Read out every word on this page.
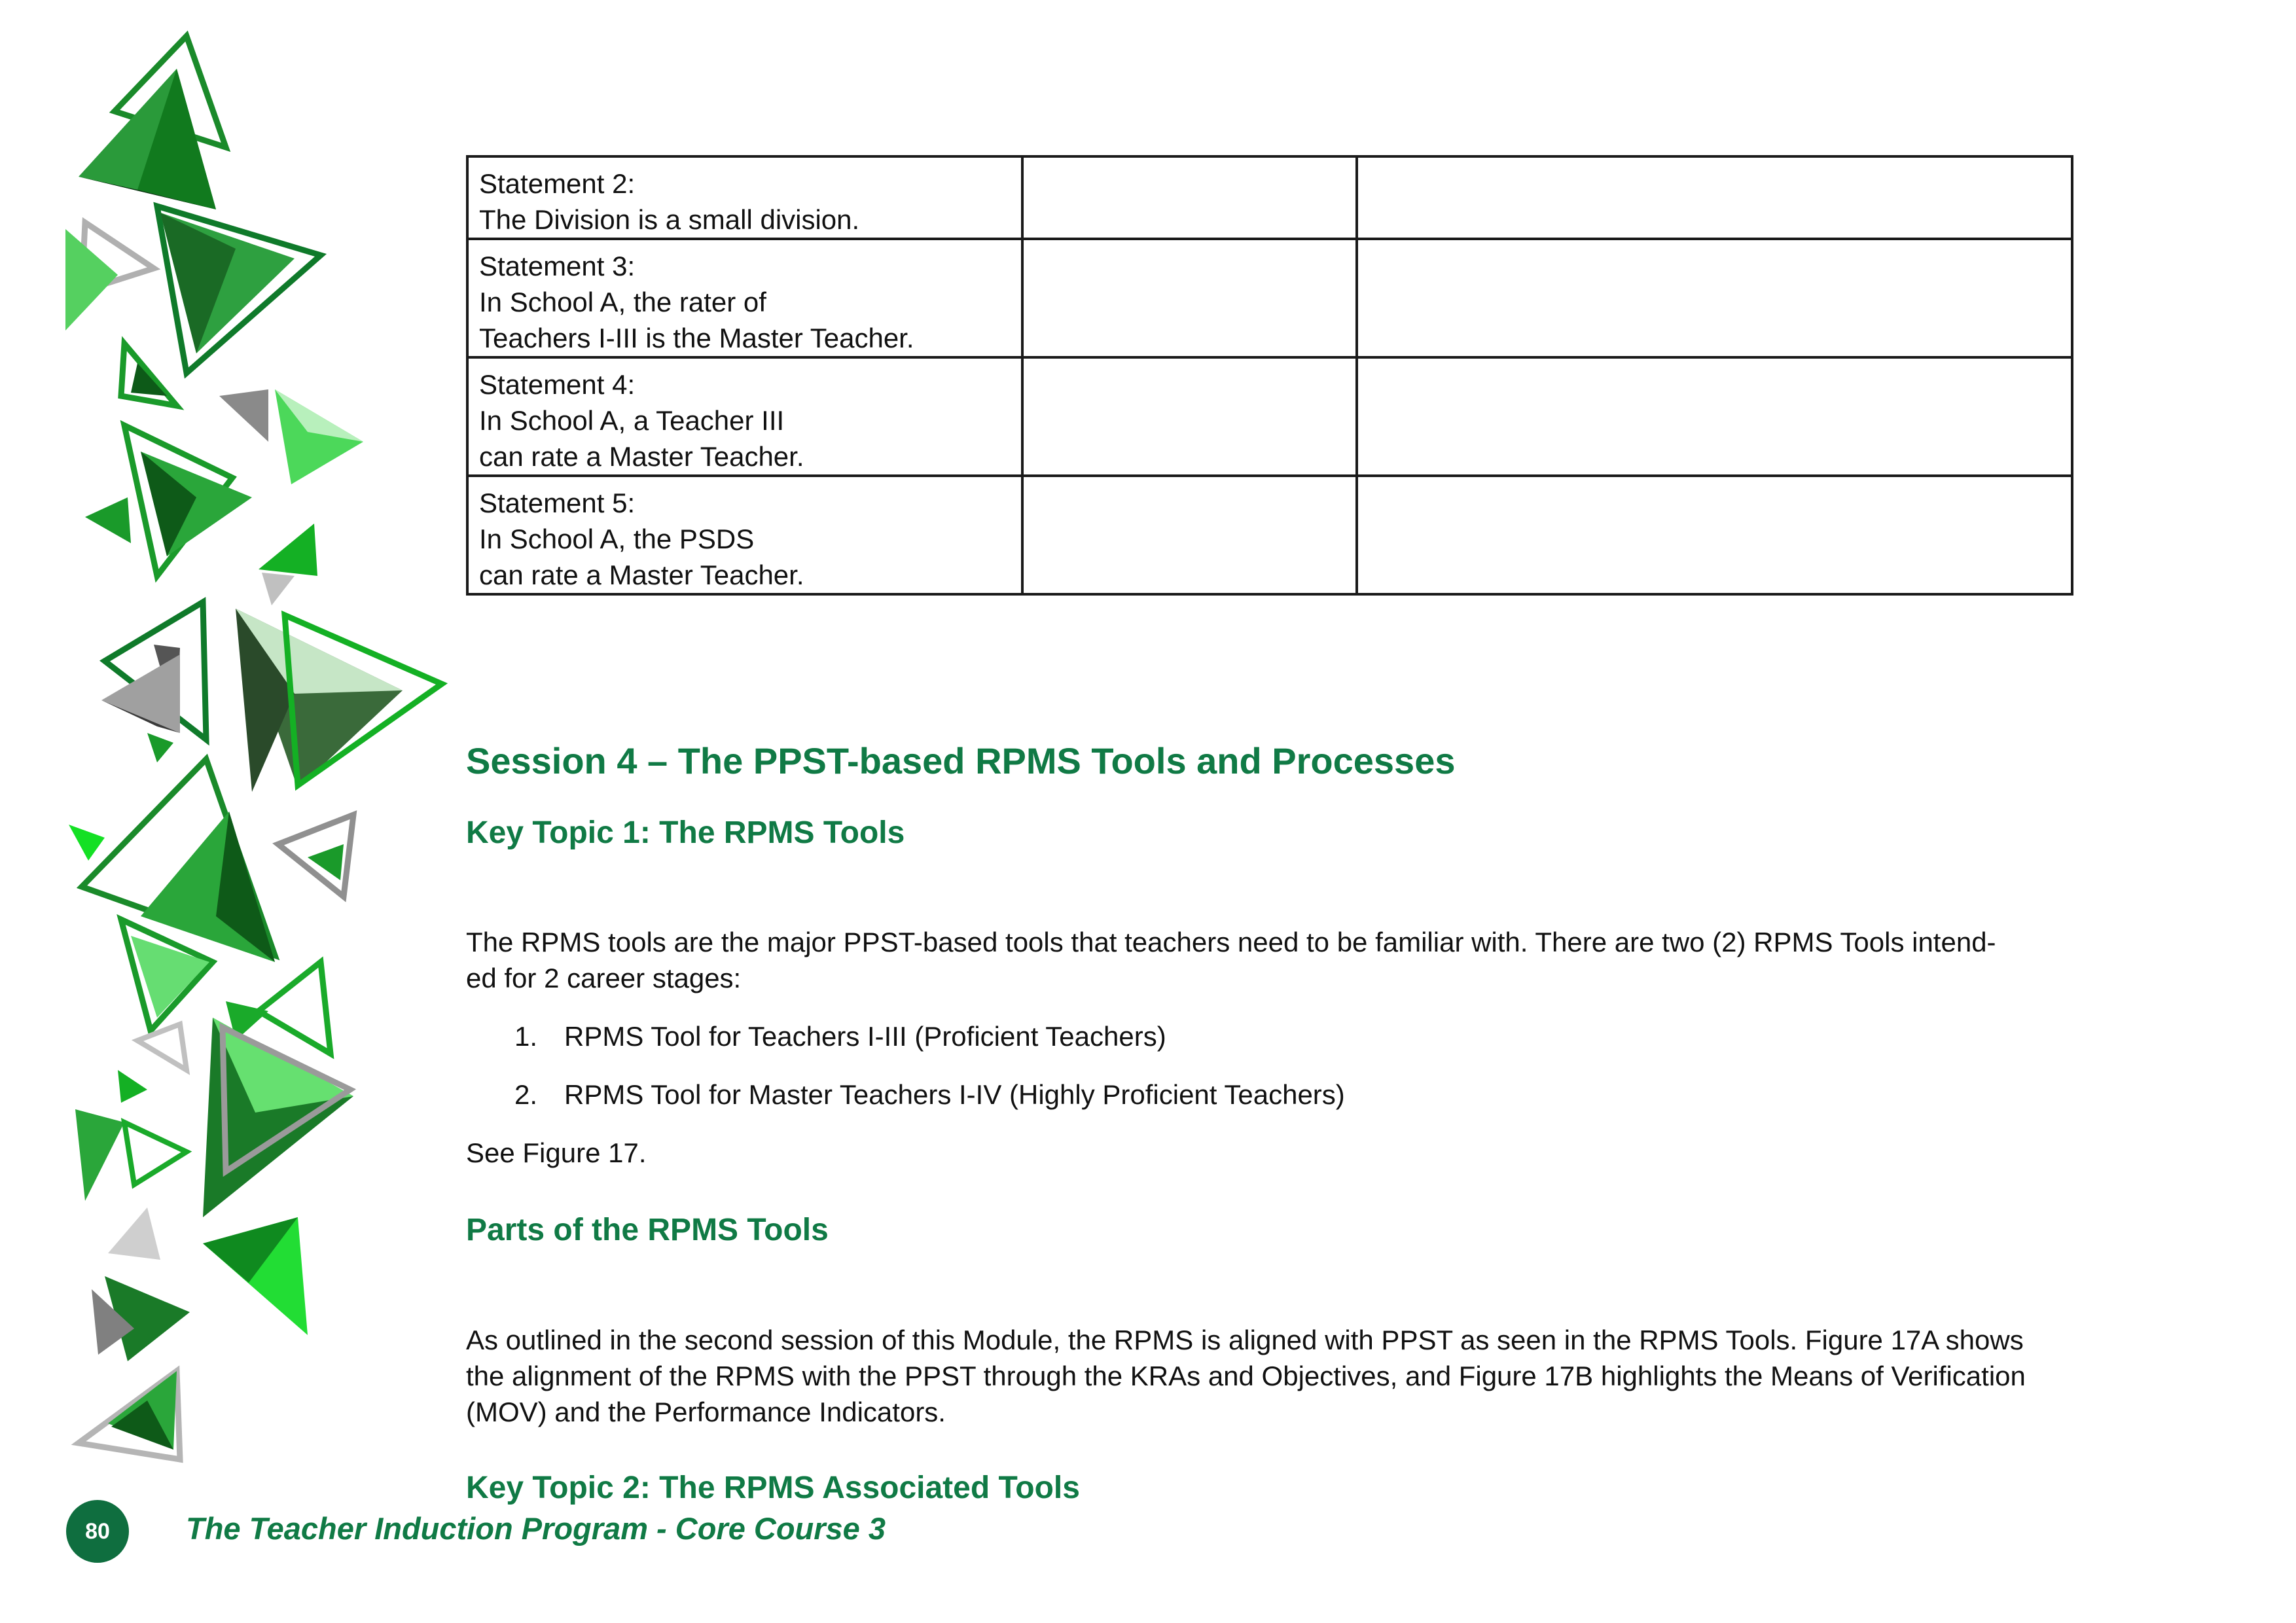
Statement 2:
The Division is a small division.		

Statement 3:
In School A, the rater of
Teachers I-III is the Master Teacher.		

Statement 4:
In School A, a Teacher III
can rate a Master Teacher.		

Statement 5:
In School A, the PSDS
can rate a Master Teacher.		

Session 4 – The PPST-based RPMS Tools and Processes
Key Topic 1: The RPMS Tools
The RPMS tools are the major PPST-based tools that teachers need to be familiar with. There are two (2) RPMS Tools intend-
ed for 2 career stages:
1. RPMS Tool for Teachers I-III (Proficient Teachers)
2. RPMS Tool for Master Teachers I-IV (Highly Proficient Teachers)
See Figure 17.
Parts of the RPMS Tools
As outlined in the second session of this Module, the RPMS is aligned with PPST as seen in the RPMS Tools. Figure 17A shows
the alignment of the RPMS with the PPST through the KRAs and Objectives, and Figure 17B highlights the Means of Verification
(MOV) and the Performance Indicators.
Key Topic 2: The RPMS Associated Tools
80	The Teacher Induction Program - Core Course 3
